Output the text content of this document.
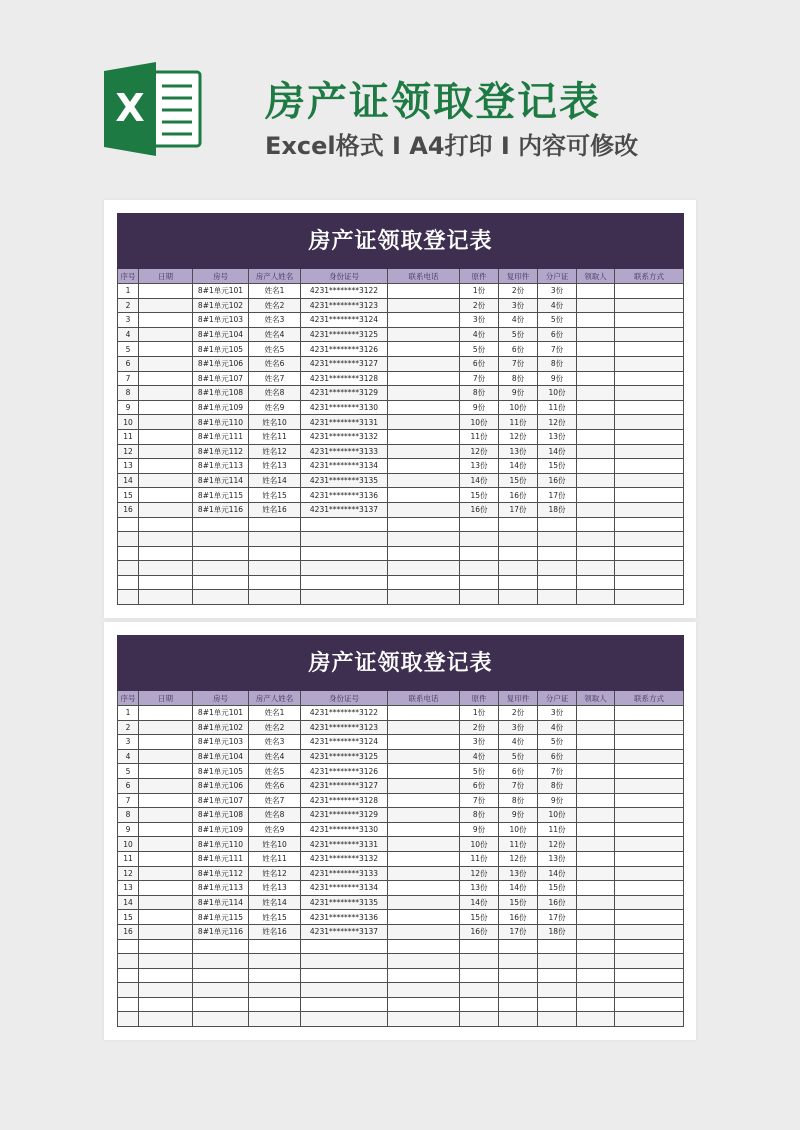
X	房产证领取登记表

Excel格式 I A4打印 I 内容可修改

房产证领取登记表										
序号	日期	房号	房产人姓名	身份证号	联系电话	原件	复印件	分户证	领取人	联系方式
1		8#1单元101	姓名1	4231********3122		1份	2份	3份		
2		8#1单元102	姓名2	4231********3123		2份	3份	4份		
3		8#1单元103	姓名3	4231********3124		3份	4份	5份		
4		8#1单元104	姓名4	4231********3125		4份	5份	6份		
5		8#1单元105	姓名5	4231********3126		5份	6份	7份		
6		8#1单元106	姓名6	4231********3127		6份	7份	8份		
7		8#1单元107	姓名7	4231********3128		7份	8份	9份		
8		8#1单元108	姓名8	4231********3129		8份	9份	10份		
9		8#1单元109	姓名9	4231********3130		9份	10份	11份		
10		8#1单元110	姓名10	4231********3131		10份	11份	12份		
11		8#1单元111	姓名11	4231********3132		11份	12份	13份		
12		8#1单元112	姓名12	4231********3133		12份	13份	14份		
13		8#1单元113	姓名13	4231********3134		13份	14份	15份		
14		8#1单元114	姓名14	4231********3135		14份	15份	16份		
15		8#1单元115	姓名15	4231********3136		15份	16份	17份		
16		8#1单元116	姓名16	4231********3137		16份	17份	18份		

房产证领取登记表										
序号	日期	房号	房产人姓名	身份证号	联系电话	原件	复印件	分户证	领取人	联系方式
1		8#1单元101	姓名1	4231********3122		1份	2份	3份		
2		8#1单元102	姓名2	4231********3123		2份	3份	4份		
3		8#1单元103	姓名3	4231********3124		3份	4份	5份		
4		8#1单元104	姓名4	4231********3125		4份	5份	6份		
5		8#1单元105	姓名5	4231********3126		5份	6份	7份		
6		8#1单元106	姓名6	4231********3127		6份	7份	8份		
7		8#1单元107	姓名7	4231********3128		7份	8份	9份		
8		8#1单元108	姓名8	4231********3129		8份	9份	10份		
9		8#1单元109	姓名9	4231********3130		9份	10份	11份		
10		8#1单元110	姓名10	4231********3131		10份	11份	12份		
11		8#1单元111	姓名11	4231********3132		11份	12份	13份		
12		8#1单元112	姓名12	4231********3133		12份	13份	14份		
13		8#1单元113	姓名13	4231********3134		13份	14份	15份		
14		8#1单元114	姓名14	4231********3135		14份	15份	16份		
15		8#1单元115	姓名15	4231********3136		15份	16份	17份		
16		8#1单元116	姓名16	4231********3137		16份	17份	18份		
